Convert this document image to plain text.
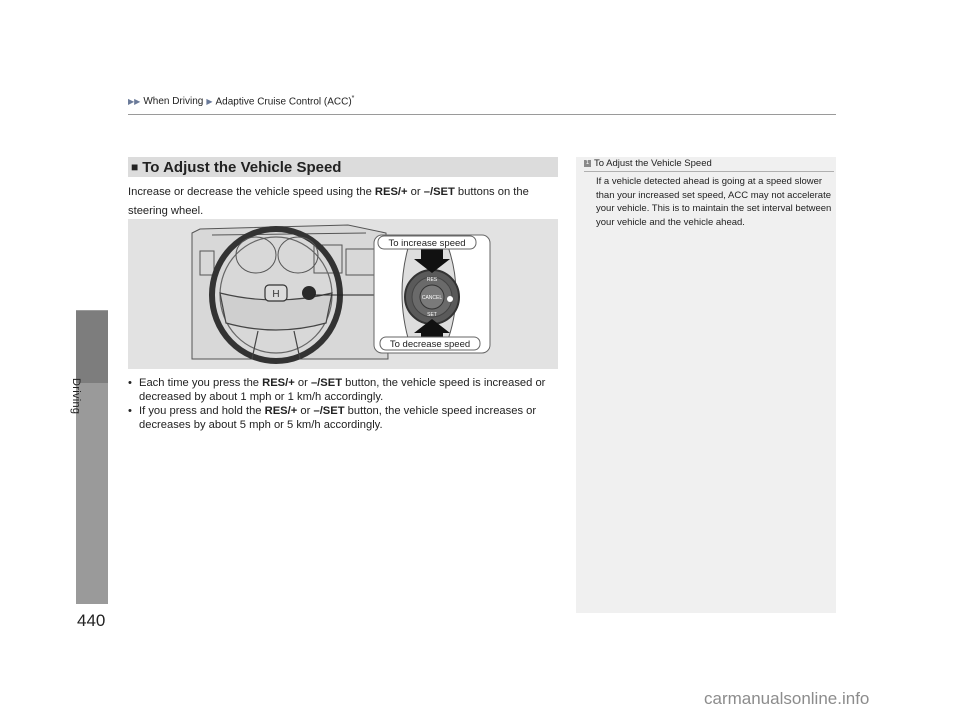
Driving
440
▶▶ When Driving ▶ Adaptive Cruise Control (ACC)*
■ To Adjust the Vehicle Speed
Increase or decrease the vehicle speed using the RES/+ or –/SET buttons on the steering wheel.
H	CANCEL
RES
SET
To increase speed
To decrease speed
• Each time you press the RES/+ or –/SET button, the vehicle speed is increased or decreased by about 1 mph or 1 km/h accordingly.
• If you press and hold the RES/+ or –/SET button, the vehicle speed increases or decreases by about 5 mph or 5 km/h accordingly.
1 To Adjust the Vehicle Speed
If a vehicle detected ahead is going at a speed slower than your increased set speed, ACC may not accelerate your vehicle. This is to maintain the set interval between your vehicle and the vehicle ahead.
carmanualsonline.info
